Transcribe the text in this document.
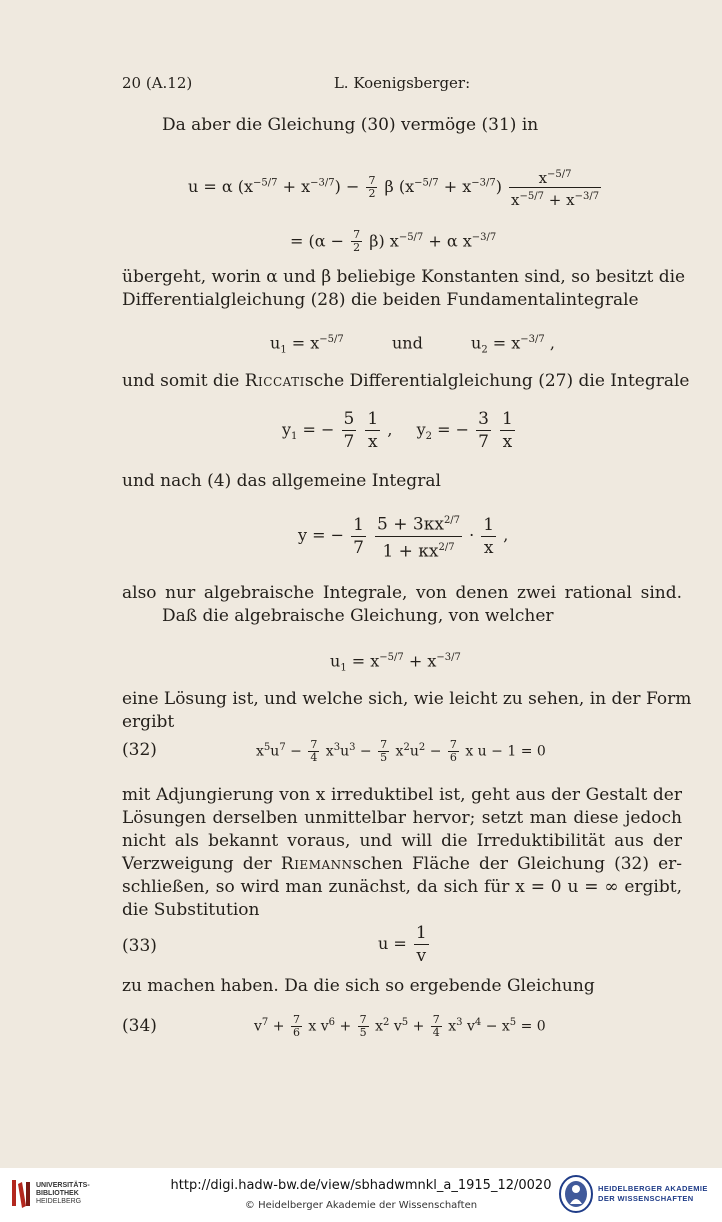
20 (A.12)	L. Koenigsberger:
Da aber die Gleichung (30) vermöge (31) in
u = α $(x^{-5/7} + x^{-3/7}) - \frac{7}{2}$ β $(x^{-5/7} + x^{-3/7}) \frac{x^{-5/7}}{x^{-5/7} + x^{-3/7}}$
= $(\alpha - \frac{7}{2} \beta)$ $x^{-5/7} + \alpha$ $x^{-3/7}$
übergeht, worin α und β beliebige Konstanten sind, so besitzt die
Differentialgleichung (28) die beiden Fundamentalintegrale
$u_1 = x^{-5/7}$	und	$u_2 = x^{-3/7}$ ,
und somit die Riccatische Differentialgleichung (27) die Integrale
$y_1$ = − $\frac{5}{7}$
$\frac{1}{x}$ ,  $y_2$ = − $\frac{3}{7}$
$\frac{1}{x}$
und nach (4) das allgemeine Integral
y = − $\frac{1}{7}$
$\frac{5 + 3\kappa x^{2/7}}{1 + \kappa x^{2/7}} \cdot \frac{1}{x}$ ,
also nur algebraische Integrale, von denen zwei rational sind.
Daß die algebraische Gleichung, von welcher
$u_1 = x^{-5/7} + x^{-3/7}$
eine Lösung ist, und welche sich, wie leicht zu sehen, in der Form
ergibt
(32)	$x^5u^7 - \frac{7}{4} x^3u^3 - \frac{7}{5} x^2u^2 - \frac{7}{6}$ x u − 1 = 0
mit Adjungierung von x irreduktibel ist, geht aus der Gestalt der
Lösungen derselben unmittelbar hervor; setzt man diese jedoch
nicht als bekannt voraus, und will die Irreduktibilität aus der
Verzweigung der Riemannschen Fläche der Gleichung (32) er-
schließen, so wird man zunächst, da sich für x = 0 u = ∞ ergibt,
die Substitution
(33)	$u = \frac{1}{v}$
zu machen haben. Da die sich so ergebende Gleichung
(34)	$v^7 + \frac{7}{6}$ x $v^6 + \frac{7}{5} x^2$ $v^5 + \frac{7}{4} x^3$ $v^4 - x^5 = 0$
UNIVERSITÄTS-
BIBLIOTHEK
HEIDELBERG
http://digi.hadw-bw.de/view/sbhadwmnkl_a_1915_12/0020
© Heidelberger Akademie der Wissenschaften
HEIDELBERGER AKADEMIE
DER WISSENSCHAFTEN
